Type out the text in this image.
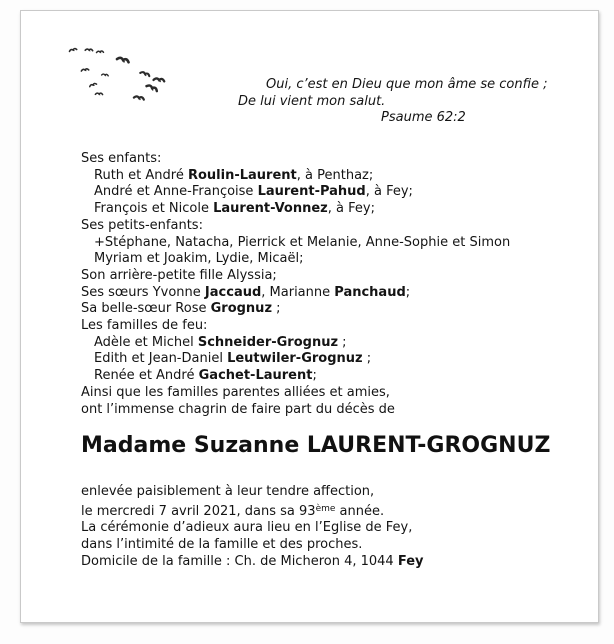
Oui, c’est en Dieu que mon âme se confie ;
De lui vient mon salut.
Psaume 62:2
Ses enfants:
Ruth et André Roulin-Laurent, à Penthaz;
André et Anne-Françoise Laurent-Pahud, à Fey;
François et Nicole Laurent-Vonnez, à Fey;
Ses petits-enfants:
+Stéphane, Natacha, Pierrick et Melanie, Anne-Sophie et Simon
Myriam et Joakim, Lydie, Micaël;
Son arrière-petite fille Alyssia;
Ses sœurs Yvonne Jaccaud, Marianne Panchaud;
Sa belle-sœur Rose Grognuz ;
Les familles de feu:
Adèle et Michel Schneider-Grognuz ;
Edith et Jean-Daniel Leutwiler-Grognuz ;
Renée et André Gachet-Laurent;
Ainsi que les familles parentes alliées et amies,
ont l’immense chagrin de faire part du décès de
Madame Suzanne LAURENT-GROGNUZ
enlevée paisiblement à leur tendre affection,
le mercredi 7 avril 2021, dans sa 93ème année.
La cérémonie d’adieux aura lieu en l’Eglise de Fey,
dans l’intimité de la famille et des proches.
Domicile de la famille : Ch. de Micheron 4, 1044 Fey
